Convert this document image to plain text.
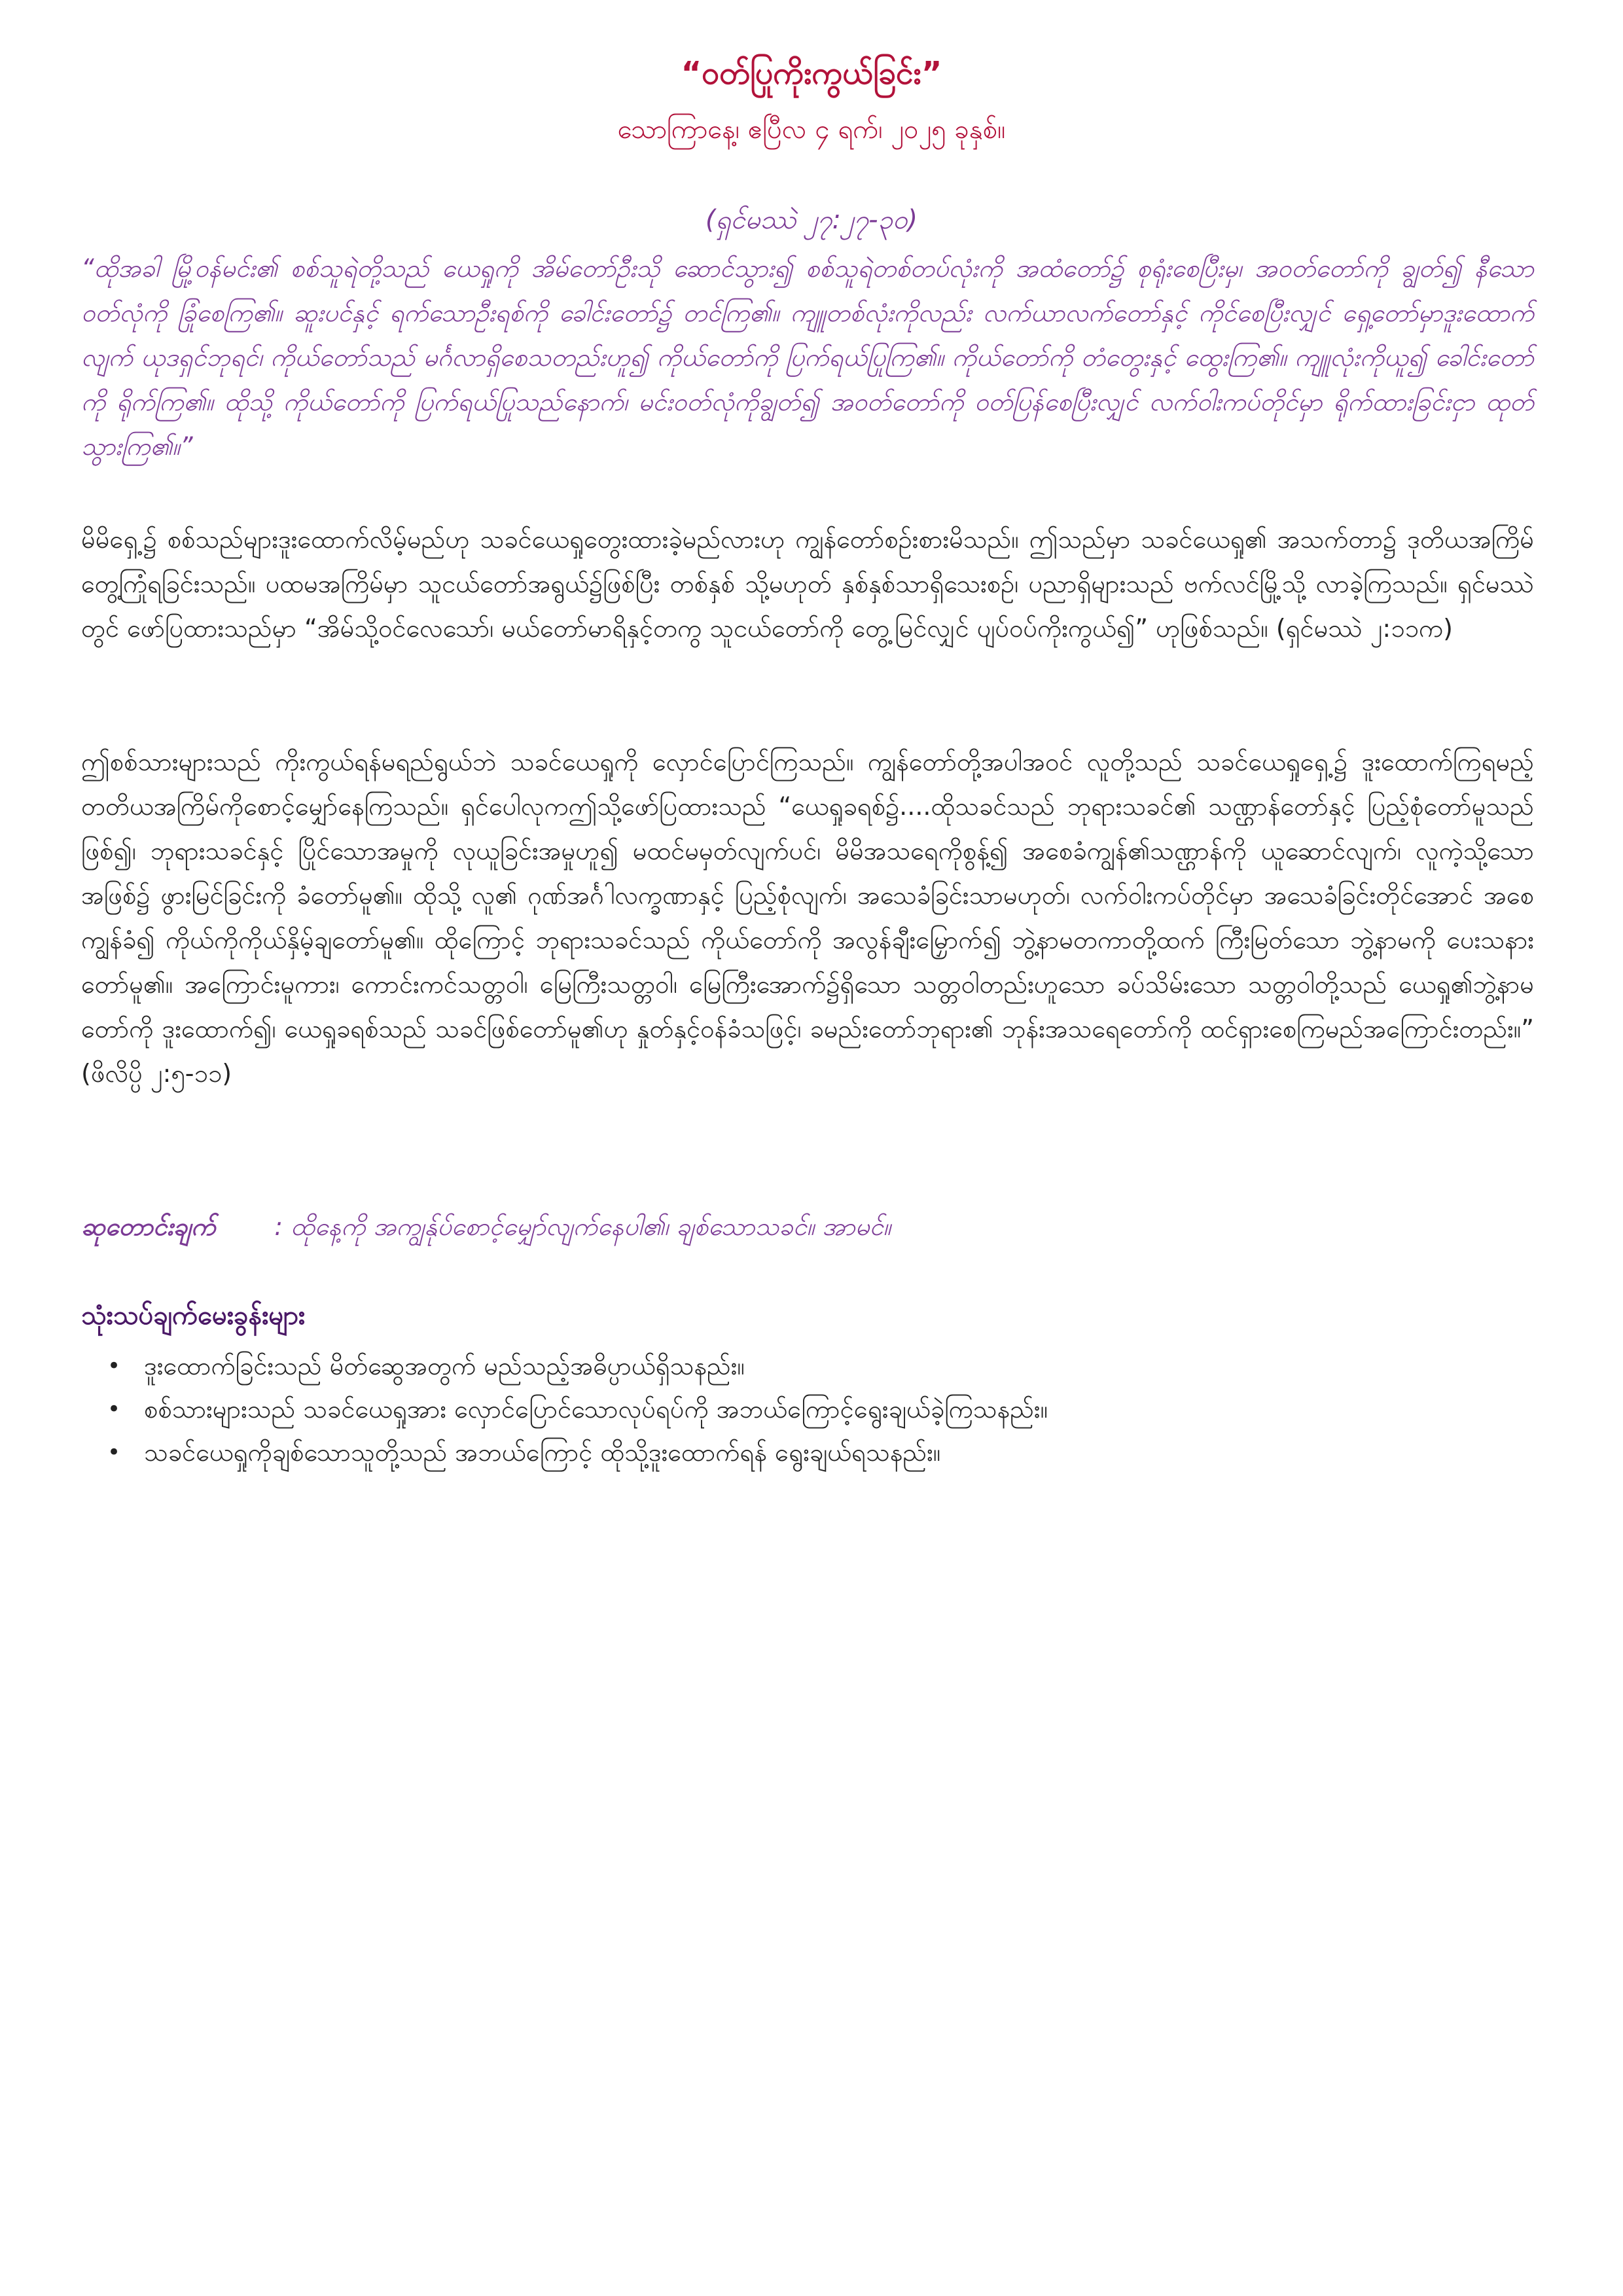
“ဝတ်ပြုကိုးကွယ်ခြင်း”
သောကြာနေ့၊ ဧပြီလ ၄ ရက်၊ ၂၀၂၅ ခုနှစ်။
(ရှင်မဿဲ ၂၇:၂၇-၃၀)
“ထိုအခါ မြို့ဝန်မင်း၏ စစ်သူရဲတို့သည် ယေရှုကို အိမ်တော်ဦးသို ဆောင်သွား၍ စစ်သူရဲတစ်တပ်လုံးကို အထံတော်၌ စုရုံးစေပြီးမှ၊ အဝတ်တော်ကို ချွတ်၍ နီသောဝတ်လုံကို ခြုံစေကြ၏။ ဆူးပင်နှင့် ရက်သောဦးရစ်ကို ခေါင်းတော်၌ တင်ကြ၏။ ကျူတစ်လုံးကိုလည်း လက်ယာလက်တော်နှင့် ကိုင်စေပြီးလျှင် ရှေ့တော်မှာဒူးထောက်လျက် ယုဒရှင်ဘုရင်၊ ကိုယ်တော်သည် မင်္ဂလာရှိစေသတည်းဟူ၍ ကိုယ်တော်ကို ပြက်ရယ်ပြုကြ၏။ ကိုယ်တော်ကို တံတွေးနှင့် ထွေးကြ၏။ ကျူလုံးကိုယူ၍ ခေါင်းတော်ကို ရိုက်ကြ၏။ ထိုသို့ ကိုယ်တော်ကို ပြက်ရယ်ပြုသည်နောက်၊ မင်းဝတ်လုံကိုချွတ်၍ အဝတ်တော်ကို ဝတ်ပြန်စေပြီးလျှင် လက်ဝါးကပ်တိုင်မှာ ရိုက်ထားခြင်းငှာ ထုတ်သွားကြ၏။”
မိမိရှေ့၌ စစ်သည်များဒူးထောက်လိမ့်မည်ဟု သခင်ယေရှုတွေးထားခဲ့မည်လားဟု ကျွန်တော်စဉ်းစားမိသည်။ ဤသည်မှာ သခင်ယေရှု၏ အသက်တာ၌ ဒုတိယအကြိမ် တွေ့ကြုံရခြင်းသည်။ ပထမအကြိမ်မှာ သူငယ်တော်အရွယ်၌ဖြစ်ပြီး တစ်နှစ် သို့မဟုတ် နှစ်နှစ်သာရှိသေးစဉ်၊ ပညာရှိများသည် ဗက်လင်မြို့သို့ လာခဲ့ကြသည်။ ရှင်မဿဲတွင် ဖော်ပြထားသည်မှာ “အိမ်သို့ဝင်လေသော်၊ မယ်တော်မာရိနှင့်တကွ သူငယ်တော်ကို တွေ့မြင်လျှင် ပျပ်ဝပ်ကိုးကွယ်၍” ဟုဖြစ်သည်။ (ရှင်မဿဲ ၂:၁၁က)
ဤစစ်သားများသည် ကိုးကွယ်ရန်မရည်ရွယ်ဘဲ သခင်ယေရှုကို လှောင်ပြောင်ကြသည်။ ကျွန်တော်တို့အပါအဝင် လူတို့သည် သခင်ယေရှုရှေ့၌ ဒူးထောက်ကြရမည့်တတိယအကြိမ်ကိုစောင့်မျှော်နေကြသည်။ ရှင်ပေါလုကဤသို့ဖော်ပြထားသည် “ယေရှုခရစ်၌....ထိုသခင်သည် ဘုရားသခင်၏ သဏ္ဌာန်တော်နှင့် ပြည့်စုံတော်မူသည်ဖြစ်၍၊ ဘုရားသခင်နှင့် ပြိုင်သောအမှုကို လုယူခြင်းအမှုဟူ၍ မထင်မမှတ်လျက်ပင်၊ မိမိအသရေကိုစွန့်၍ အစေခံကျွန်၏သဏ္ဌာန်ကို ယူဆောင်လျက်၊ လူကဲ့သို့သောအဖြစ်၌ ဖွားမြင်ခြင်းကို ခံတော်မူ၏။ ထိုသို့ လူ၏ ဂုဏ်အင်္ဂါလက္ခဏာနှင့် ပြည့်စုံလျက်၊ အသေခံခြင်းသာမဟုတ်၊ လက်ဝါးကပ်တိုင်မှာ အသေခံခြင်းတိုင်အောင် အစေကျွန်ခံ၍ ကိုယ်ကိုကိုယ်နှိမ့်ချတော်မူ၏။ ထိုကြောင့် ဘုရားသခင်သည် ကိုယ်တော်ကို အလွန်ချီးမြှောက်၍ ဘွဲ့နာမတကာတို့ထက် ကြီးမြတ်သော ဘွဲ့နာမကို ပေးသနားတော်မူ၏။ အကြောင်းမူကား၊ ကောင်းကင်သတ္တဝါ၊ မြေကြီးသတ္တဝါ၊ မြေကြီးအောက်၌ရှိသော သတ္တဝါတည်းဟူသော ခပ်သိမ်းသော သတ္တဝါတို့သည် ယေရှု၏ဘွဲ့နာမတော်ကို ဒူးထောက်၍၊ ယေရှုခရစ်သည် သခင်ဖြစ်တော်မူ၏ဟု နှုတ်နှင့်ဝန်ခံသဖြင့်၊ ခမည်းတော်ဘုရား၏ ဘုန်းအသရေတော်ကို ထင်ရှားစေကြမည်အကြောင်းတည်း။” (ဖိလိပ္ပိ ၂:၅-၁၁)
ဆုတောင်းချက် : ထိုနေ့ကို အကျွန်ုပ်စောင့်မျှော်လျက်နေပါ၏၊ ချစ်သောသခင်။ အာမင်။
သုံးသပ်ချက်မေးခွန်းများ
• ဒူးထောက်ခြင်းသည် မိတ်ဆွေအတွက် မည်သည့်အဓိပ္ပာယ်ရှိသနည်း။
• စစ်သားများသည် သခင်ယေရှုအား လှောင်ပြောင်သောလုပ်ရပ်ကို အဘယ်ကြောင့်ရွေးချယ်ခဲ့ကြသနည်း။
• သခင်ယေရှုကိုချစ်သောသူတို့သည် အဘယ်ကြောင့် ထိုသို့ဒူးထောက်ရန် ရွေးချယ်ရသနည်း။
